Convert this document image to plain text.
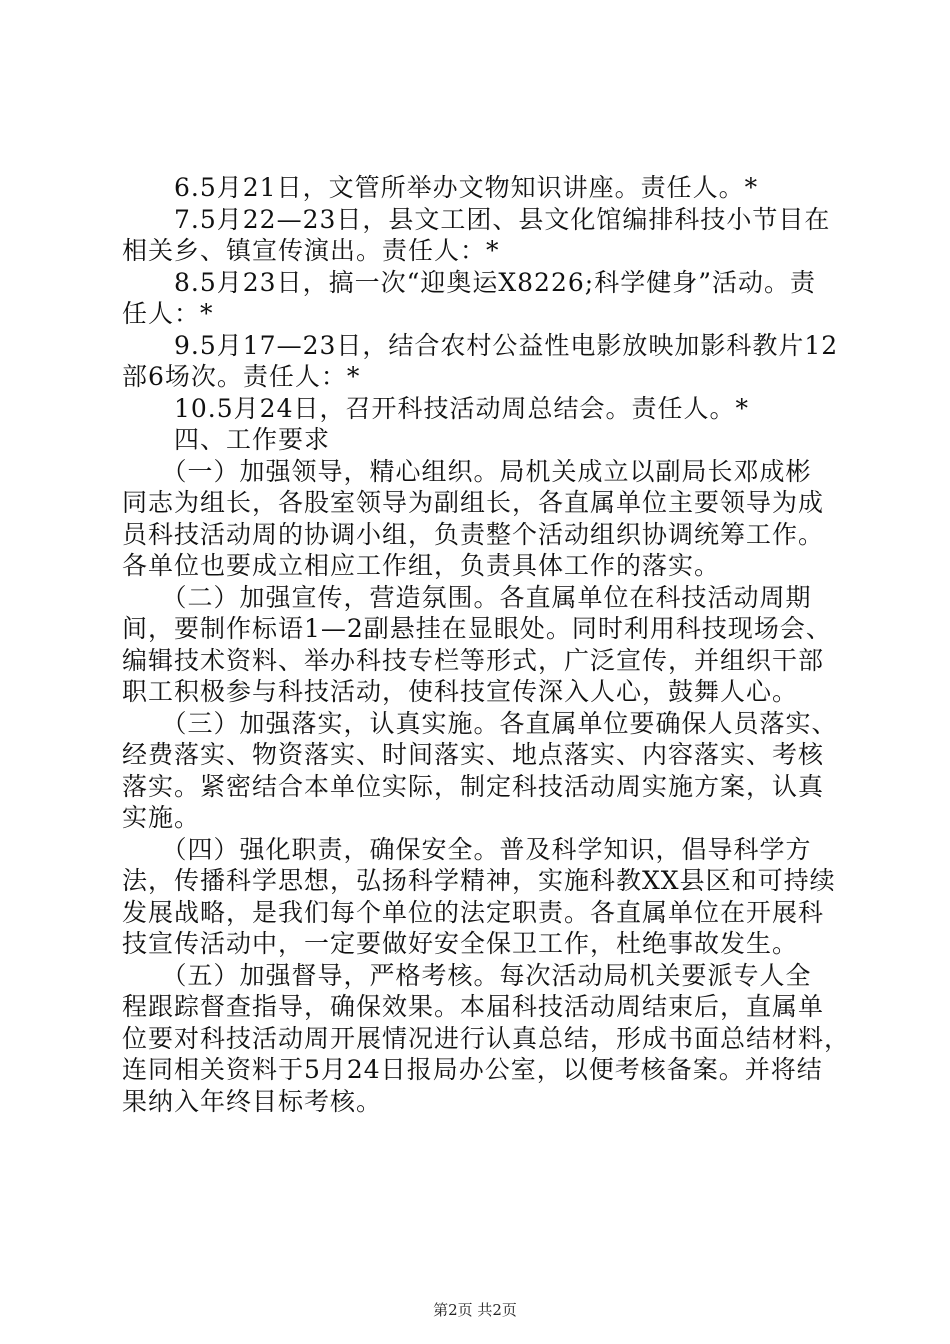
　　6.5月21日，文管所举办文物知识讲座。责任人。*

　　7.5月22—23日，县文工团、县文化馆编排科技小节目在

相关乡、镇宣传演出。责任人：*

　　8.5月23日，搞一次“迎奥运X8226;科学健身”活动。责

任人：*

　　9.5月17—23日，结合农村公益性电影放映加影科教片12

部6场次。责任人：*

　　10.5月24日，召开科技活动周总结会。责任人。*

　　四、工作要求

　　（一）加强领导，精心组织。局机关成立以副局长邓成彬

同志为组长，各股室领导为副组长，各直属单位主要领导为成

员科技活动周的协调小组，负责整个活动组织协调统筹工作。

各单位也要成立相应工作组，负责具体工作的落实。

　　（二）加强宣传，营造氛围。各直属单位在科技活动周期

间，要制作标语1—2副悬挂在显眼处。同时利用科技现场会、

编辑技术资料、举办科技专栏等形式，广泛宣传，并组织干部

职工积极参与科技活动，使科技宣传深入人心，鼓舞人心。

　　（三）加强落实，认真实施。各直属单位要确保人员落实、

经费落实、物资落实、时间落实、地点落实、内容落实、考核

落实。紧密结合本单位实际，制定科技活动周实施方案，认真

实施。

　　（四）强化职责，确保安全。普及科学知识，倡导科学方

法，传播科学思想，弘扬科学精神，实施科教XX县区和可持续

发展战略，是我们每个单位的法定职责。各直属单位在开展科

技宣传活动中，一定要做好安全保卫工作，杜绝事故发生。

　　（五）加强督导，严格考核。每次活动局机关要派专人全

程跟踪督查指导，确保效果。本届科技活动周结束后，直属单

位要对科技活动周开展情况进行认真总结，形成书面总结材料，

连同相关资料于5月24日报局办公室，以便考核备案。并将结

果纳入年终目标考核。

第2页 共2页
